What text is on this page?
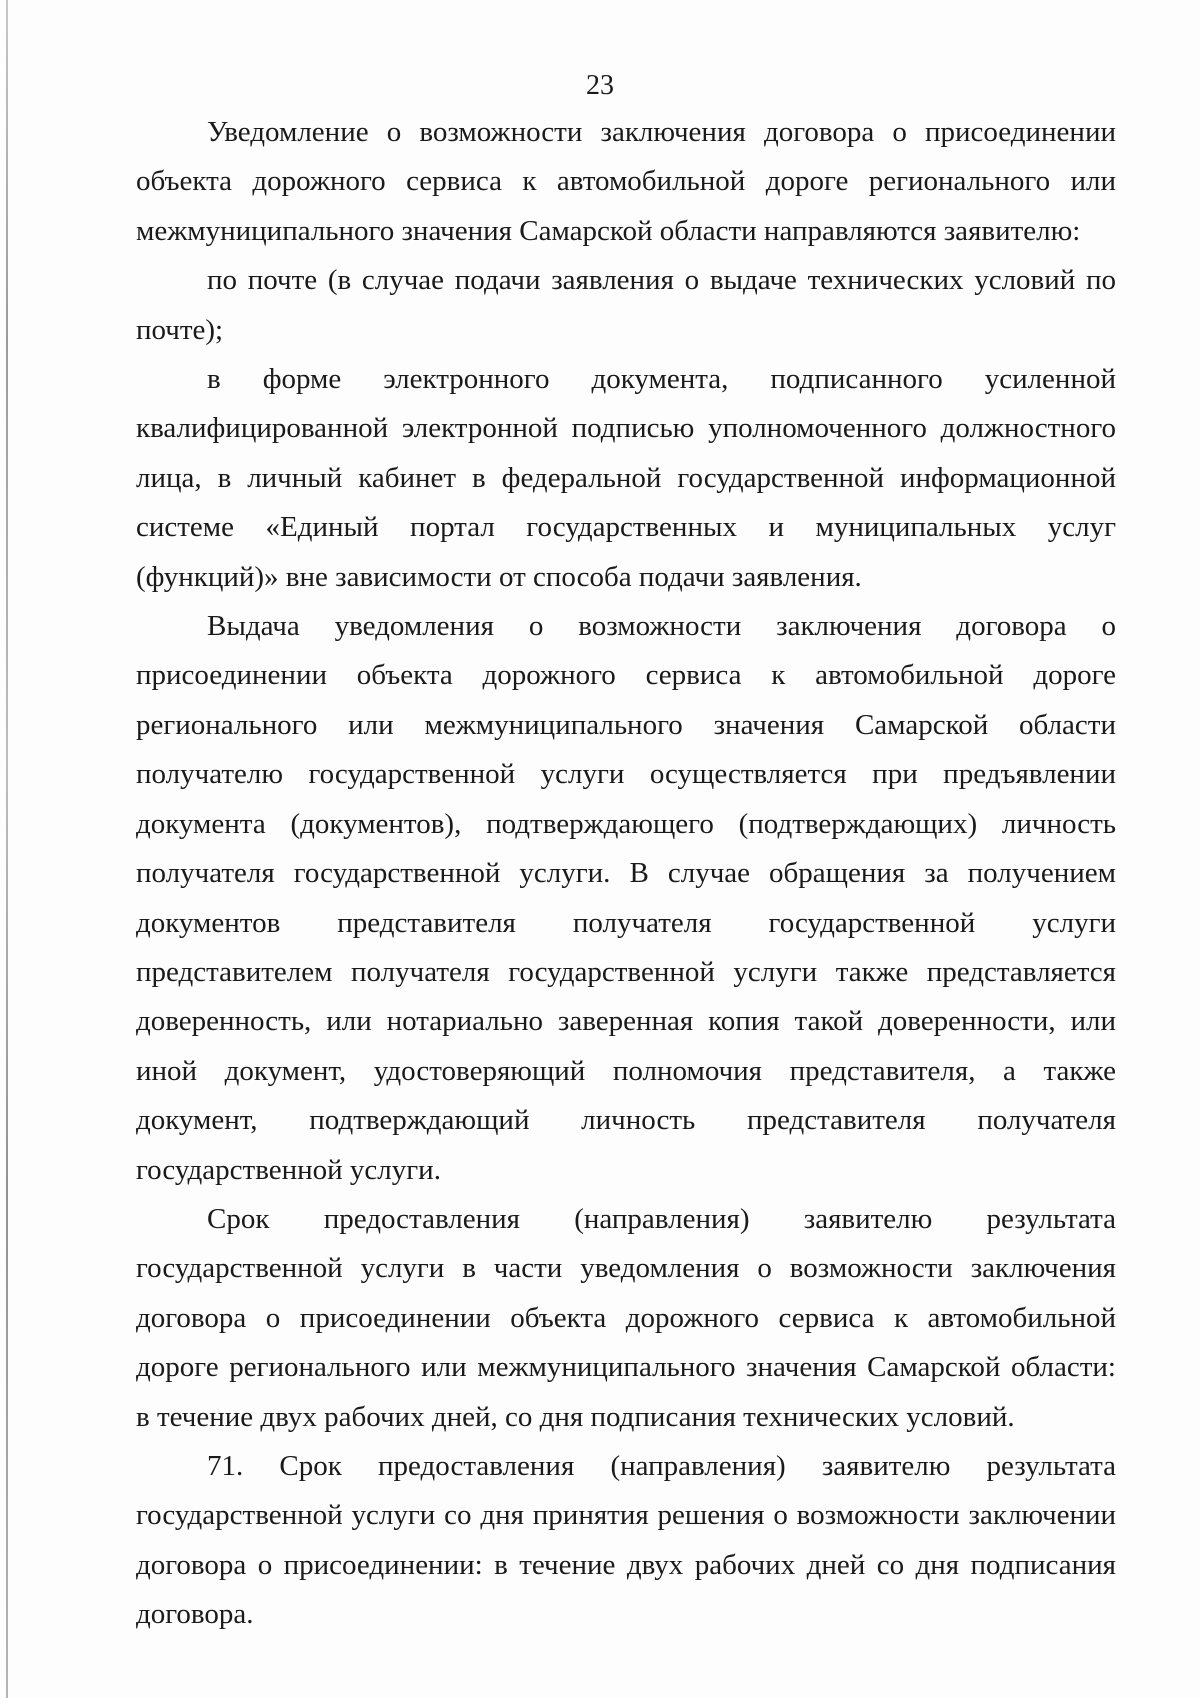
23

Уведомление о возможности заключения договора о присоединении объекта дорожного сервиса к автомобильной дороге регионального или межмуниципального значения Самарской области направляются заявителю:

по почте (в случае подачи заявления о выдаче технических условий по почте);

в форме электронного документа, подписанного усиленной квалифицированной электронной подписью уполномоченного должностного лица, в личный кабинет в федеральной государственной информационной системе «Единый портал государственных и муниципальных услуг (функций)» вне зависимости от способа подачи заявления.

Выдача уведомления о возможности заключения договора о присоединении объекта дорожного сервиса к автомобильной дороге регионального или межмуниципального значения Самарской области получателю государственной услуги осуществляется при предъявлении документа (документов), подтверждающего (подтверждающих) личность получателя государственной услуги. В случае обращения за получением документов представителя получателя государственной услуги представителем получателя государственной услуги также представляется доверенность, или нотариально заверенная копия такой доверенности, или иной документ, удостоверяющий полномочия представителя, а также документ, подтверждающий личность представителя получателя государственной услуги.

Срок предоставления (направления) заявителю результата государственной услуги в части уведомления о возможности заключения договора о присоединении объекта дорожного сервиса к автомобильной дороге регионального или межмуниципального значения Самарской области: в течение двух рабочих дней, со дня подписания технических условий.

71. Срок предоставления (направления) заявителю результата государственной услуги со дня принятия решения о возможности заключении договора о присоединении: в течение двух рабочих дней со дня подписания договора.
